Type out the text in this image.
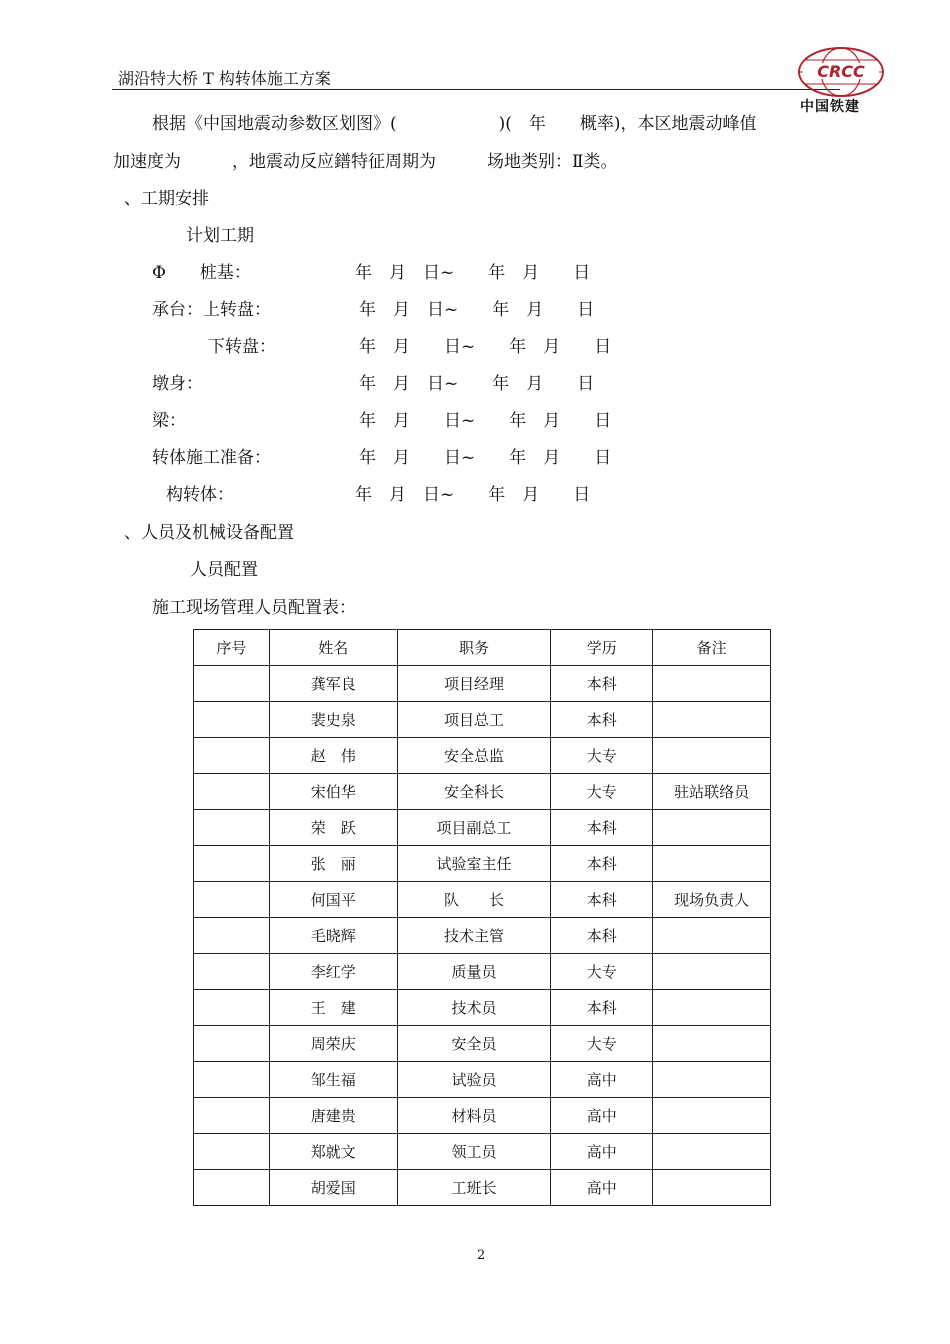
湖沿特大桥 T 构转体施工方案	CRCC
中国铁建
根据《中国地震动参数区划图》(　　　　　　)(　年　　概率)，本区地震动峰值
加速度为　　　，地震动反应鐠特征周期为　　　场地类别：Ⅱ类。
、工期安排
计划工期
Φ　　桩基：	年　月　日~　　年　月　　日
承台：上转盘：	年　月　日~　　年　月　　日
下转盘：	年　月　　日~　　年　月　　日
墩身：	年　月　日~　　年　月　　日
梁：	年　月　　日~　　年　月　　日
转体施工准备：	年　月　　日~　　年　月　　日
构转体：	年　月　日~　　年　月　　日
、人员及机械设备配置
人员配置
施工现场管理人员配置表：
序号	姓名	职务	学历	备注
	龚军良	项目经理	本科	
	裴史泉	项目总工	本科	
	赵　伟	安全总监	大专	
	宋伯华	安全科长	大专	驻站联络员
	荣　跃	项目副总工	本科	
	张　丽	试验室主任	本科	
	何国平	队　　长	本科	现场负责人
	毛晓辉	技术主管	本科	
	李红学	质量员	大专	
	王　建	技术员	本科	
	周荣庆	安全员	大专	
	邹生福	试验员	高中	
	唐建贵	材料员	高中	
	郑就文	领工员	高中	
	胡爱国	工班长	高中	
2
